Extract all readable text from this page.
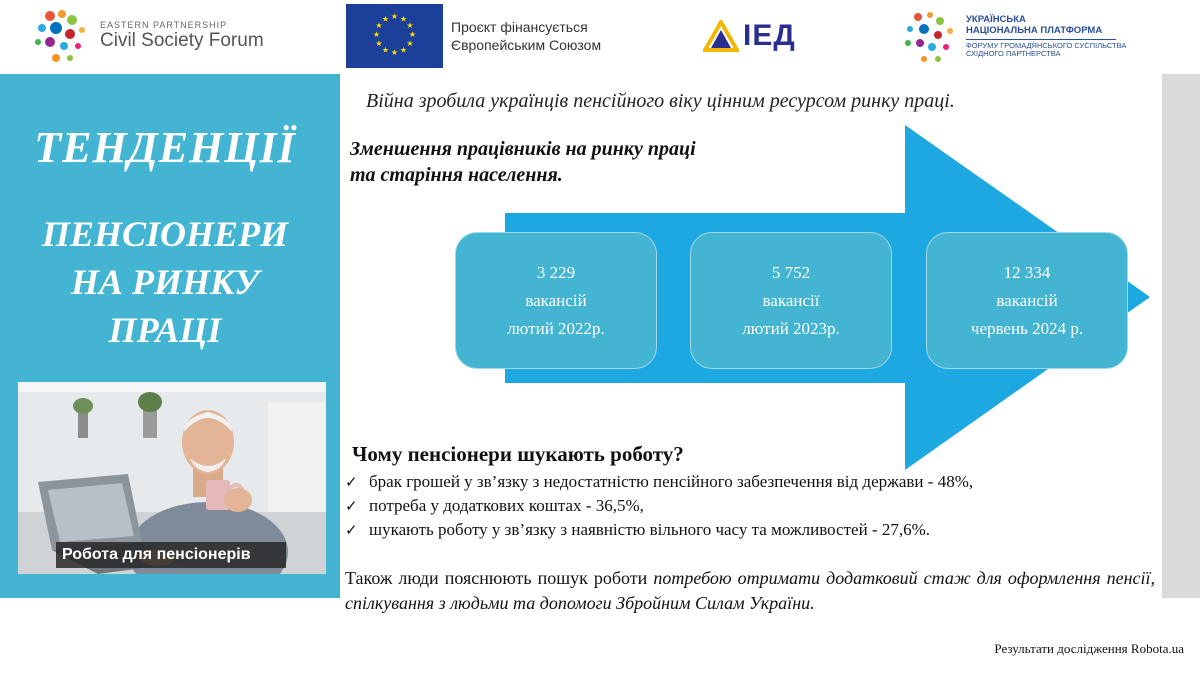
EASTERN PARTNERSHIP
Civil Society Forum
★ ★
★
★
★
★
★
★
★
★
★
★	Проєкт фінансується
Європейським Союзом	IЕД	УКРАЇНСЬКА
НАЦІОНАЛЬНА ПЛАТФОРМА
ФОРУМУ ГРОМАДЯНСЬКОГО СУСПІЛЬСТВА
СХІДНОГО ПАРТНЕРСТВА
ТЕНДЕНЦІЇ
ПЕНСІОНЕРИ
НА РИНКУ
ПРАЦІ
Робота для пенсіонерів
Війна зробила українців пенсійного віку цінним ресурсом ринку праці.
Зменшення працівників на ринку праці
та старіння населення.
3 229
вакансій
лютий 2022р.
5 752
вакансії
лютий 2023р.
12 334
вакансій
червень 2024 р.
Чому пенсіонери шукають роботу?
✓ брак грошей у зв’язку з недостатністю пенсійного забезпечення від держави - 48%,
✓ потреба у додаткових коштах - 36,5%,
✓ шукають роботу у зв’язку з наявністю вільного часу та можливостей - 27,6%.
Також люди пояснюють пошук роботи потребою отримати додатковий стаж для оформлення пенсії, спілкування з людьми та допомоги Збройним Силам України.
Результати дослідження Robota.ua
